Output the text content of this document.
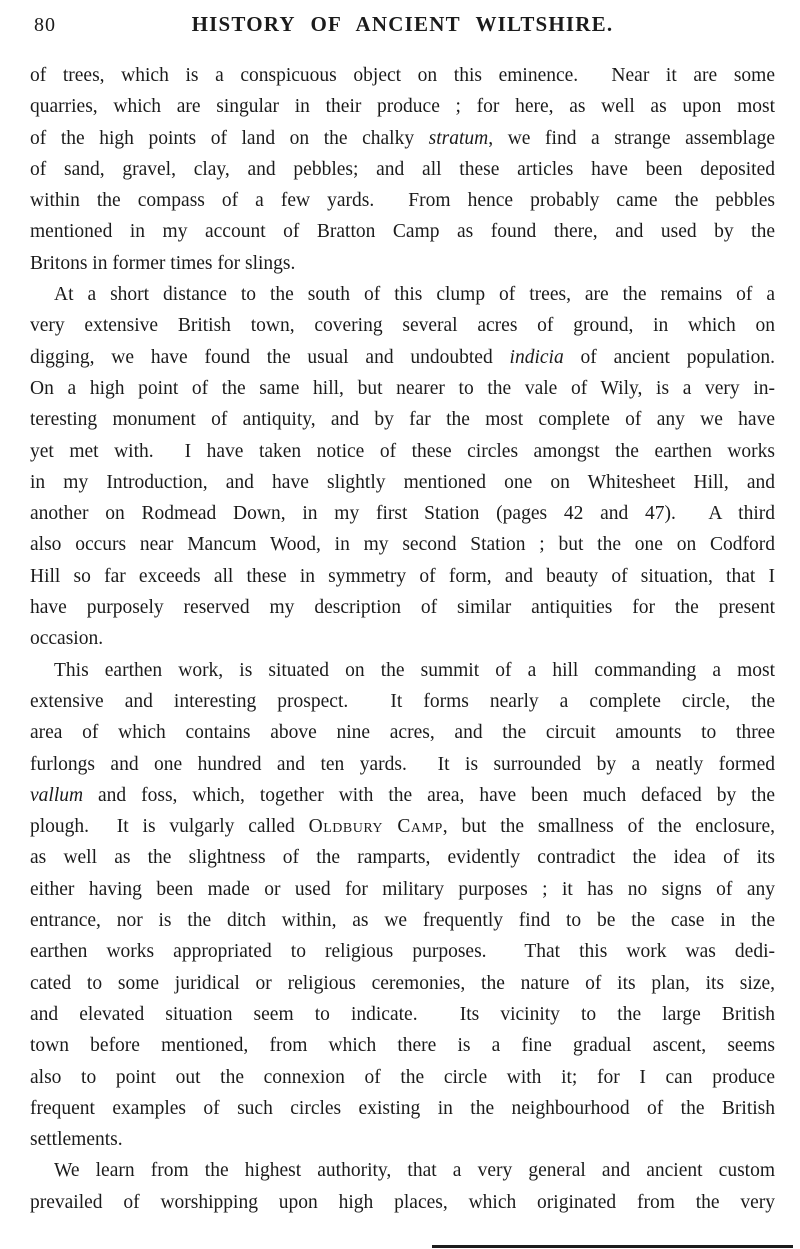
80	HISTORY OF ANCIENT WILTSHIRE.
of trees, which is a conspicuous object on this eminence.  Near it are some
quarries, which are singular in their produce ; for here, as well as upon most
of the high points of land on the chalky stratum, we find a strange assemblage
of sand, gravel, clay, and pebbles; and all these articles have been deposited
within the compass of a few yards.  From hence probably came the pebbles
mentioned in my account of Bratton Camp as found there, and used by the
Britons in former times for slings.
At a short distance to the south of this clump of trees, are the remains of a
very extensive British town, covering several acres of ground, in which on
digging, we have found the usual and undoubted indicia of ancient population.
On a high point of the same hill, but nearer to the vale of Wily, is a very in-
teresting monument of antiquity, and by far the most complete of any we have
yet met with.  I have taken notice of these circles amongst the earthen works
in my Introduction, and have slightly mentioned one on Whitesheet Hill, and
another on Rodmead Down, in my first Station (pages 42 and 47).  A third
also occurs near Mancum Wood, in my second Station ; but the one on Codford
Hill so far exceeds all these in symmetry of form, and beauty of situation, that I
have purposely reserved my description of similar antiquities for the present
occasion.
This earthen work, is situated on the summit of a hill commanding a most
extensive and interesting prospect.  It forms nearly a complete circle, the
area of which contains above nine acres, and the circuit amounts to three
furlongs and one hundred and ten yards.  It is surrounded by a neatly formed
vallum and foss, which, together with the area, have been much defaced by the
plough.  It is vulgarly called Oldbury Camp, but the smallness of the enclosure,
as well as the slightness of the ramparts, evidently contradict the idea of its
either having been made or used for military purposes ; it has no signs of any
entrance, nor is the ditch within, as we frequently find to be the case in the
earthen works appropriated to religious purposes.  That this work was dedi-
cated to some juridical or religious ceremonies, the nature of its plan, its size,
and elevated situation seem to indicate.  Its vicinity to the large British
town before mentioned, from which there is a fine gradual ascent, seems
also to point out the connexion of the circle with it; for I can produce
frequent examples of such circles existing in the neighbourhood of the British
settlements.
We learn from the highest authority, that a very general and ancient custom
prevailed of worshipping upon high places, which originated from the very
